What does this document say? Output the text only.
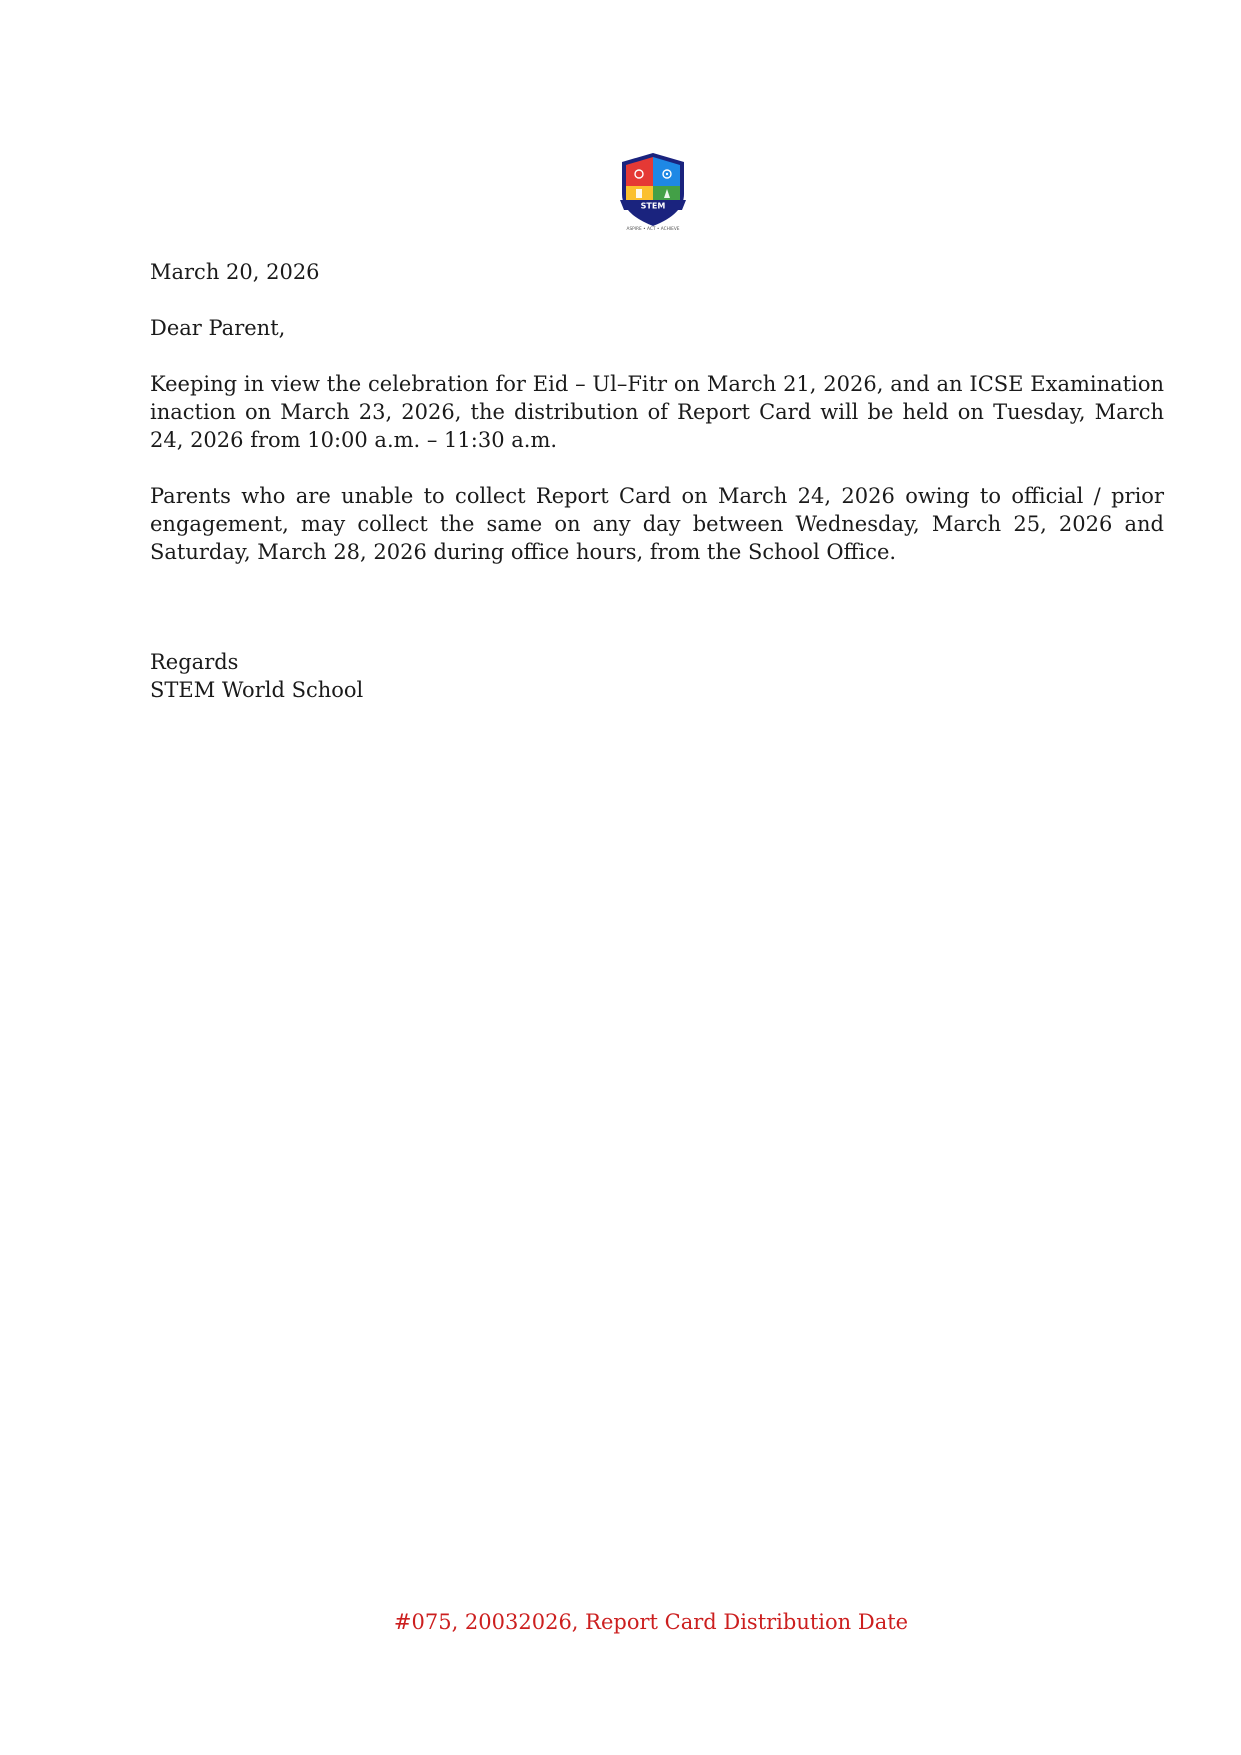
STEM
ASPIRE • ACT • ACHIEVE

March 20, 2026

Dear Parent,

Keeping in view the celebration for Eid – Ul–Fitr on March 21, 2026, and an ICSE Examination inaction on March 23, 2026, the distribution of Report Card will be held on Tuesday, March 24, 2026 from 10:00 a.m. – 11:30 a.m.

Parents who are unable to collect Report Card on March 24, 2026 owing to official / prior engagement, may collect the same on any day between Wednesday, March 25, 2026 and Saturday, March 28, 2026 during office hours, from the School Office.

Regards

STEM World School

#075, 20032026, Report Card Distribution Date
